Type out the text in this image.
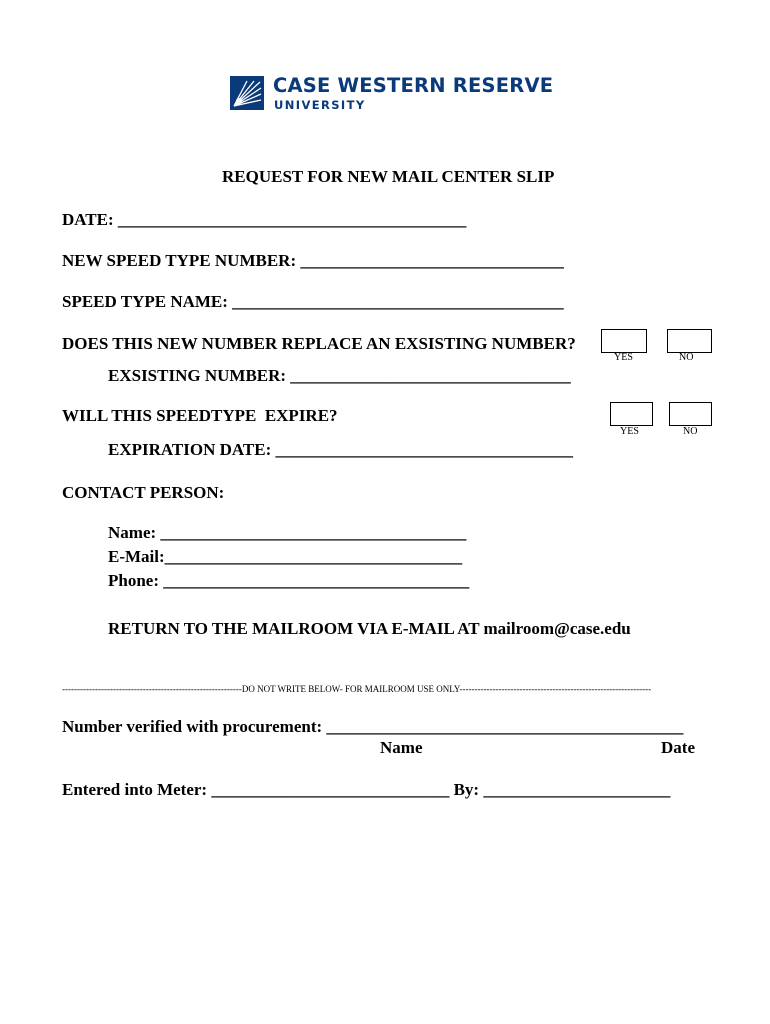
CASE WESTERN RESERVE
UNIVERSITY
REQUEST FOR NEW MAIL CENTER SLIP
DATE: _________________________________________
NEW SPEED TYPE NUMBER: _______________________________
SPEED TYPE NAME: _______________________________________
DOES THIS NEW NUMBER REPLACE AN EXSISTING NUMBER?
YES	NO
EXSISTING NUMBER: _________________________________
WILL THIS SPEEDTYPE  EXPIRE?
YES	NO
EXPIRATION DATE: ___________________________________
CONTACT PERSON:
Name: ____________________________________
E-Mail:___________________________________
Phone: ____________________________________
RETURN TO THE MAILROOM VIA E-MAIL AT mailroom@case.edu
------------------------------------------------------------DO NOT WRITE BELOW- FOR MAILROOM USE ONLY----------------------------------------------------------------
Number verified with procurement: __________________________________________
Name	Date
Entered into Meter: ____________________________ By: ______________________
